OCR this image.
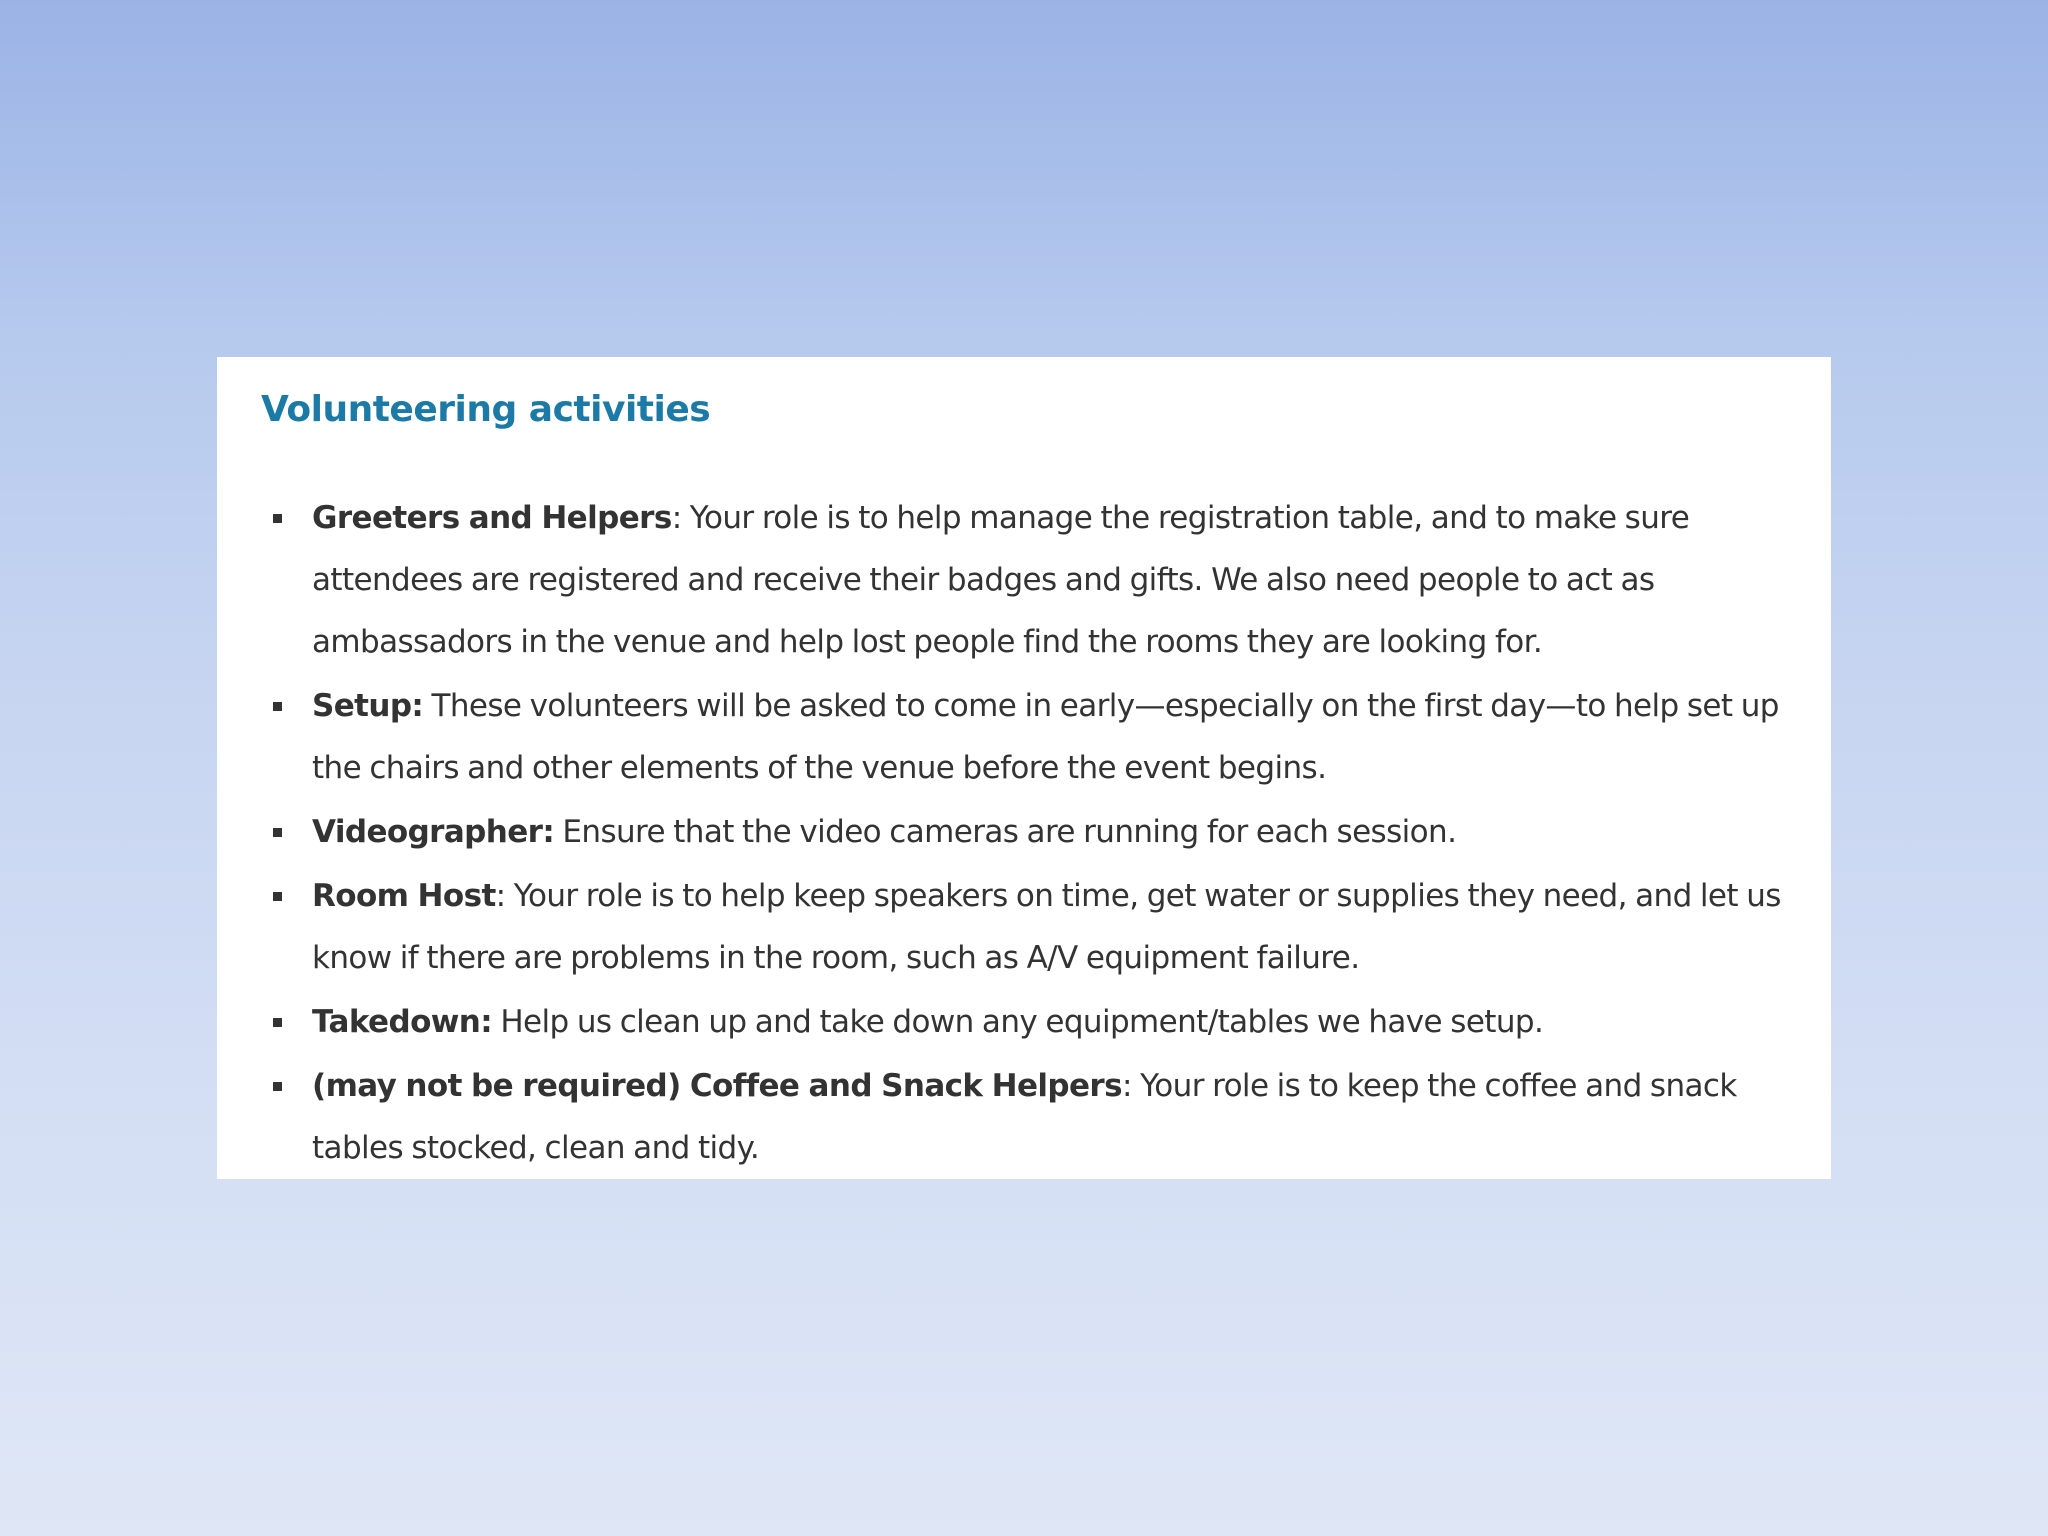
Volunteering activities
Greeters and Helpers: Your role is to help manage the registration table, and to make sure attendees are registered and receive their badges and gifts. We also need people to act as ambassadors in the venue and help lost people find the rooms they are looking for.
Setup: These volunteers will be asked to come in early—especially on the first day—to help set up the chairs and other elements of the venue before the event begins.
Videographer: Ensure that the video cameras are running for each session.
Room Host: Your role is to help keep speakers on time, get water or supplies they need, and let us know if there are problems in the room, such as A/V equipment failure.
Takedown: Help us clean up and take down any equipment/tables we have setup.
(may not be required) Coffee and Snack Helpers: Your role is to keep the coffee and snack tables stocked, clean and tidy.
